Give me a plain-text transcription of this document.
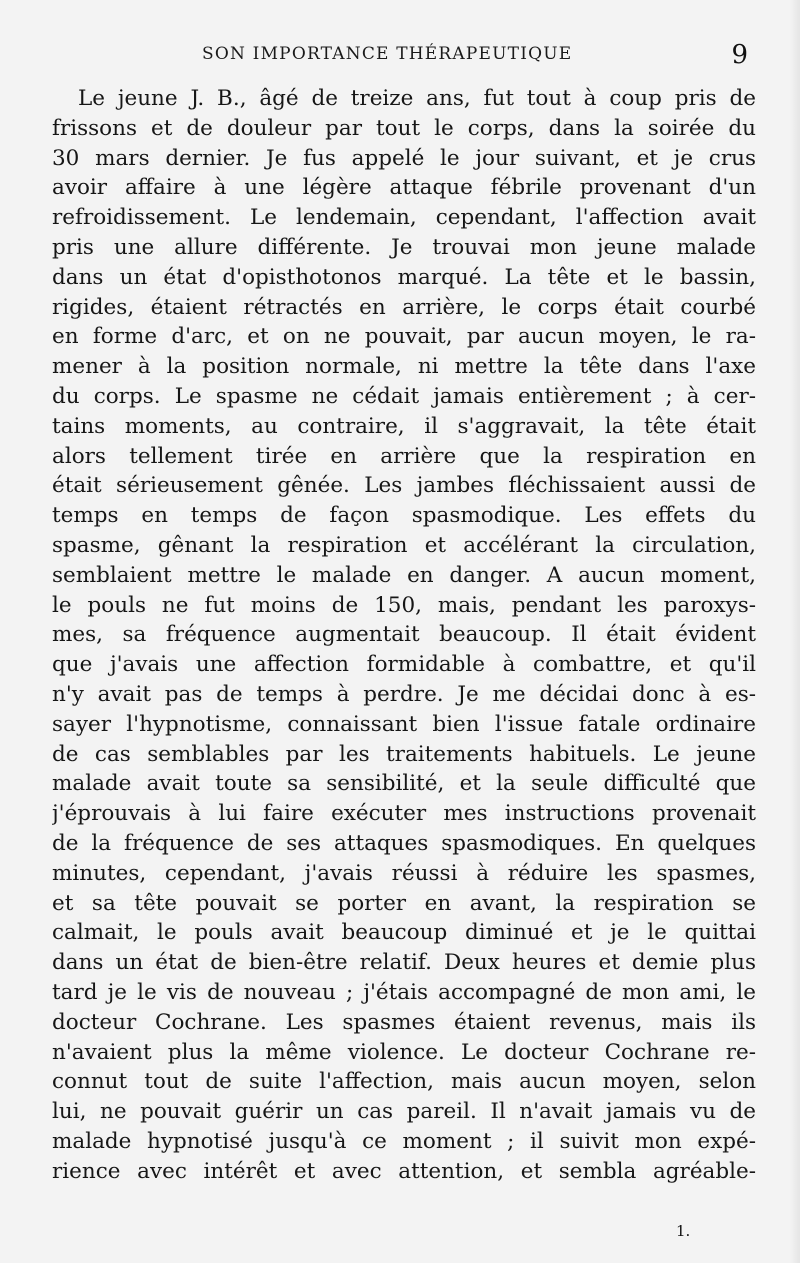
SON IMPORTANCE THÉRAPEUTIQUE	9
Le jeune J. B., âgé de treize ans, fut tout à coup pris de
frissons et de douleur par tout le corps, dans la soirée du
30 mars dernier. Je fus appelé le jour suivant, et je crus
avoir affaire à une légère attaque fébrile provenant d'un
refroidissement. Le lendemain, cependant, l'affection avait
pris une allure différente. Je trouvai mon jeune malade
dans un état d'opisthotonos marqué. La tête et le bassin,
rigides, étaient rétractés en arrière, le corps était courbé
en forme d'arc, et on ne pouvait, par aucun moyen, le ra-
mener à la position normale, ni mettre la tête dans l'axe
du corps. Le spasme ne cédait jamais entièrement ; à cer-
tains moments, au contraire, il s'aggravait, la tête était
alors tellement tirée en arrière que la respiration en
était sérieusement gênée. Les jambes fléchissaient aussi de
temps en temps de façon spasmodique. Les effets du
spasme, gênant la respiration et accélérant la circulation,
semblaient mettre le malade en danger. A aucun moment,
le pouls ne fut moins de 150, mais, pendant les paroxys-
mes, sa fréquence augmentait beaucoup. Il était évident
que j'avais une affection formidable à combattre, et qu'il
n'y avait pas de temps à perdre. Je me décidai donc à es-
sayer l'hypnotisme, connaissant bien l'issue fatale ordinaire
de cas semblables par les traitements habituels. Le jeune
malade avait toute sa sensibilité, et la seule difficulté que
j'éprouvais à lui faire exécuter mes instructions provenait
de la fréquence de ses attaques spasmodiques. En quelques
minutes, cependant, j'avais réussi à réduire les spasmes,
et sa tête pouvait se porter en avant, la respiration se
calmait, le pouls avait beaucoup diminué et je le quittai
dans un état de bien-être relatif. Deux heures et demie plus
tard je le vis de nouveau ; j'étais accompagné de mon ami, le
docteur Cochrane. Les spasmes étaient revenus, mais ils
n'avaient plus la même violence. Le docteur Cochrane re-
connut tout de suite l'affection, mais aucun moyen, selon
lui, ne pouvait guérir un cas pareil. Il n'avait jamais vu de
malade hypnotisé jusqu'à ce moment ; il suivit mon expé-
rience avec intérêt et avec attention, et sembla agréable-
1.
